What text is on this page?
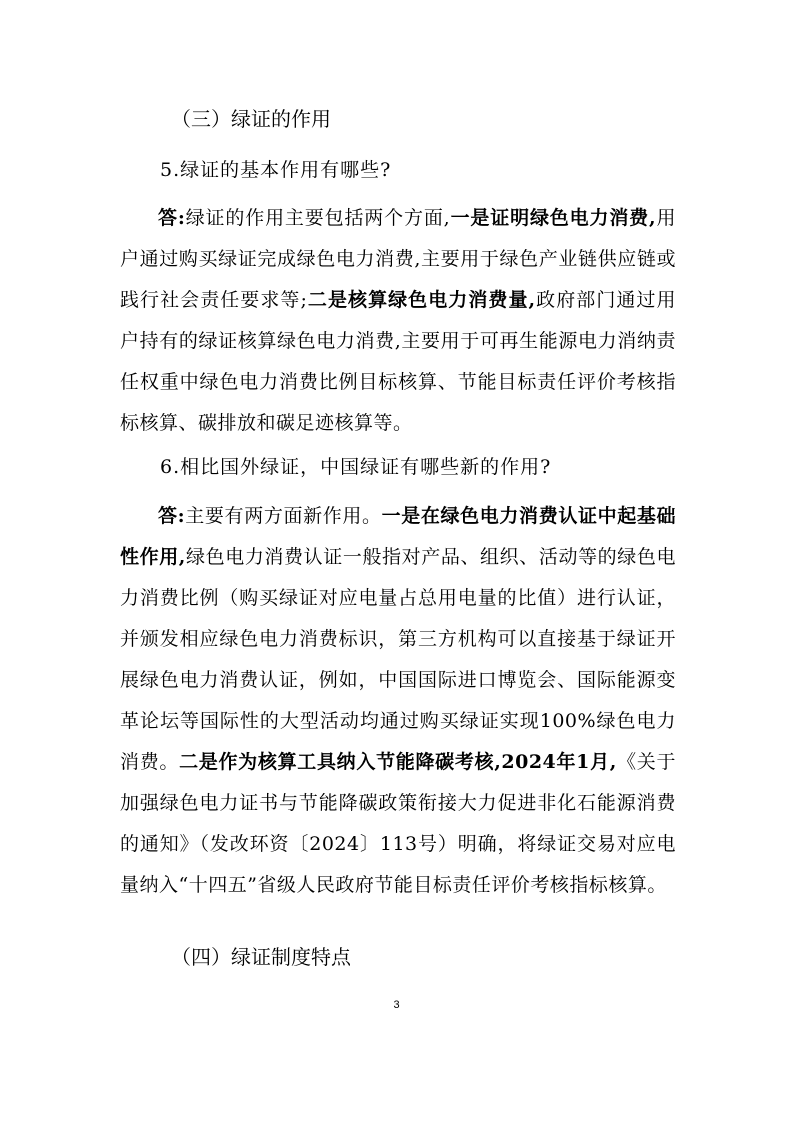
（三）绿证的作用
5.绿证的基本作用有哪些?

答:绿证的作用主要包括两个方面,一是证明绿色电力消费,用户通过购买绿证完成绿色电力消费,主要用于绿色产业链供应链或践行社会责任要求等;二是核算绿色电力消费量,政府部门通过用户持有的绿证核算绿色电力消费,主要用于可再生能源电力消纳责任权重中绿色电力消费比例目标核算、节能目标责任评价考核指标核算、碳排放和碳足迹核算等。

6.相比国外绿证，中国绿证有哪些新的作用?

答:主要有两方面新作用。一是在绿色电力消费认证中起基础性作用,绿色电力消费认证一般指对产品、组织、活动等的绿色电力消费比例（购买绿证对应电量占总用电量的比值）进行认证，并颁发相应绿色电力消费标识，第三方机构可以直接基于绿证开展绿色电力消费认证，例如，中国国际进口博览会、国际能源变革论坛等国际性的大型活动均通过购买绿证实现100%绿色电力消费。二是作为核算工具纳入节能降碳考核,2024年1月,《关于加强绿色电力证书与节能降碳政策衔接大力促进非化石能源消费的通知》（发改环资〔2024〕113号）明确，将绿证交易对应电量纳入“十四五”省级人民政府节能目标责任评价考核指标核算。

（四）绿证制度特点
3
